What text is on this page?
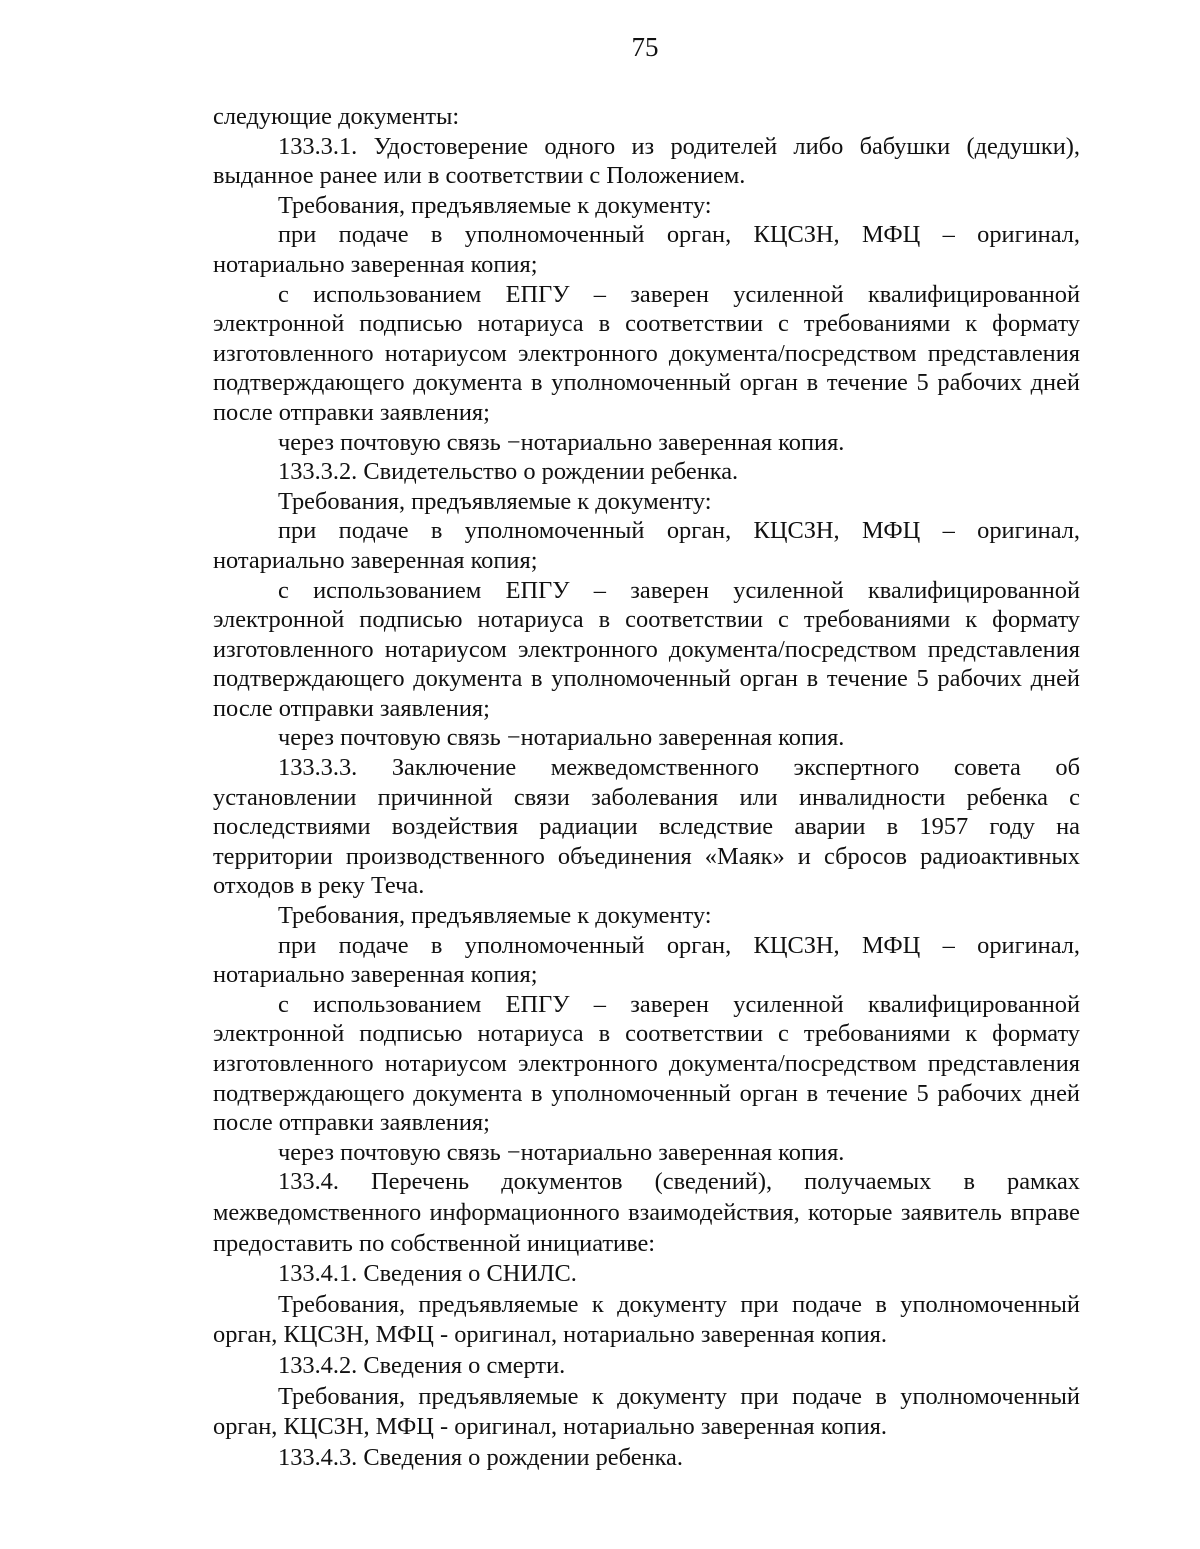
75

следующие документы:

133.3.1. Удостоверение одного из родителей либо бабушки (дедушки), выданное ранее или в соответствии с Положением.

Требования, предъявляемые к документу:

при подаче в уполномоченный орган, КЦСЗН, МФЦ – оригинал, нотариально заверенная копия;

с использованием ЕПГУ – заверен усиленной квалифицированной электронной подписью нотариуса в соответствии с требованиями к формату изготовленного нотариусом электронного документа/посредством представления подтверждающего документа в уполномоченный орган в течение 5 рабочих дней после отправки заявления;

через почтовую связь −нотариально заверенная копия.

133.3.2. Свидетельство о рождении ребенка.

Требования, предъявляемые к документу:

при подаче в уполномоченный орган, КЦСЗН, МФЦ – оригинал, нотариально заверенная копия;

с использованием ЕПГУ – заверен усиленной квалифицированной электронной подписью нотариуса в соответствии с требованиями к формату изготовленного нотариусом электронного документа/посредством представления подтверждающего документа в уполномоченный орган в течение 5 рабочих дней после отправки заявления;

через почтовую связь −нотариально заверенная копия.

133.3.3. Заключение межведомственного экспертного совета об установлении причинной связи заболевания или инвалидности ребенка с последствиями воздействия радиации вследствие аварии в 1957 году на территории производственного объединения «Маяк» и сбросов радиоактивных отходов в реку Теча.

Требования, предъявляемые к документу:

при подаче в уполномоченный орган, КЦСЗН, МФЦ – оригинал, нотариально заверенная копия;

с использованием ЕПГУ – заверен усиленной квалифицированной электронной подписью нотариуса в соответствии с требованиями к формату изготовленного нотариусом электронного документа/посредством представления подтверждающего документа в уполномоченный орган в течение 5 рабочих дней после отправки заявления;

через почтовую связь −нотариально заверенная копия.

133.4. Перечень документов (сведений), получаемых в рамках межведомственного информационного взаимодействия, которые заявитель вправе предоставить по собственной инициативе:

133.4.1. Сведения о СНИЛС.

Требования, предъявляемые к документу при подаче в уполномоченный орган, КЦСЗН, МФЦ - оригинал, нотариально заверенная копия.

133.4.2. Сведения о смерти.

Требования, предъявляемые к документу при подаче в уполномоченный орган, КЦСЗН, МФЦ - оригинал, нотариально заверенная копия.

133.4.3. Сведения о рождении ребенка.
